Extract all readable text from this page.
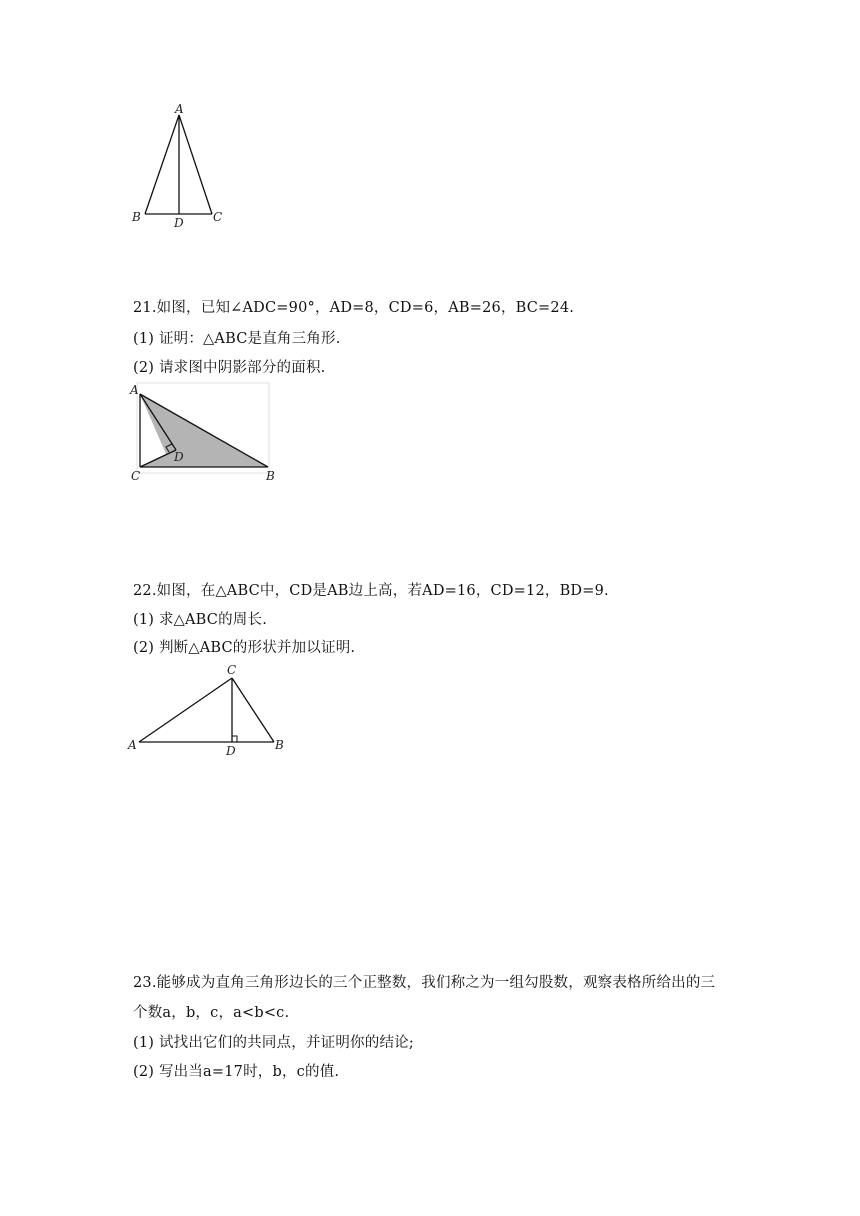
A
B	C
D
21.如图，已知∠ADC=90°，AD=8，CD=6，AB=26，BC=24.
(1) 证明：△ABC是直角三角形.
(2) 请求图中阴影部分的面积.
A
C	B
D
22.如图，在△ABC中，CD是AB边上高，若AD=16，CD=12，BD=9.
(1) 求△ABC的周长.
(2) 判断△ABC的形状并加以证明.
C
A	B
D
23.能够成为直角三角形边长的三个正整数，我们称之为一组勾股数，观察表格所给出的三
个数a，b，c，a<b<c.
(1) 试找出它们的共同点，并证明你的结论;
(2) 写出当a=17时，b，c的值.
